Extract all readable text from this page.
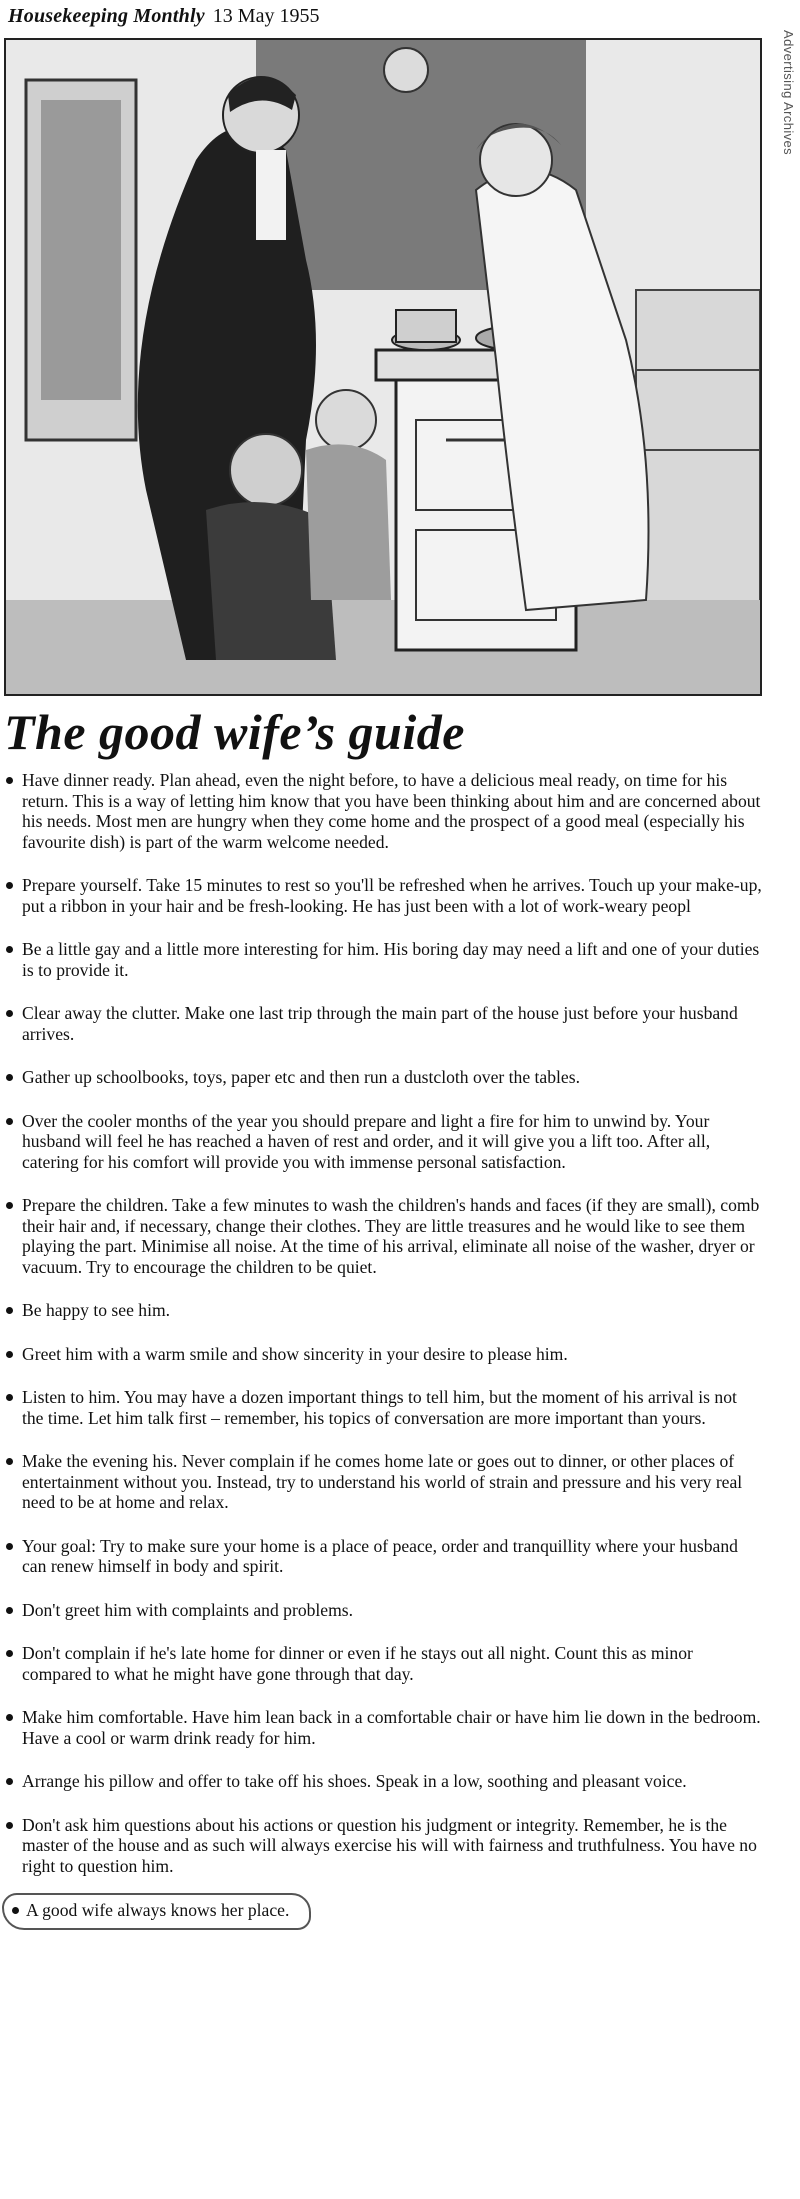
Housekeeping Monthly 13 May 1955
Advertising Archives
The good wife’s guide
Have dinner ready. Plan ahead, even the night before, to have a delicious meal ready, on time for his return. This is a way of letting him know that you have been thinking about him and are concerned about his needs. Most men are hungry when they come home and the prospect of a good meal (especially his favourite dish) is part of the warm welcome needed.
Prepare yourself. Take 15 minutes to rest so you'll be refreshed when he arrives. Touch up your make-up, put a ribbon in your hair and be fresh-looking. He has just been with a lot of work-weary peopl
Be a little gay and a little more interesting for him. His boring day may need a lift and one of your duties is to provide it.
Clear away the clutter. Make one last trip through the main part of the house just before your husband arrives.
Gather up schoolbooks, toys, paper etc and then run a dustcloth over the tables.
Over the cooler months of the year you should prepare and light a fire for him to unwind by. Your husband will feel he has reached a haven of rest and order, and it will give you a lift too. After all, catering for his comfort will provide you with immense personal satisfaction.
Prepare the children. Take a few minutes to wash the children's hands and faces (if they are small), comb their hair and, if necessary, change their clothes. They are little treasures and he would like to see them playing the part. Minimise all noise. At the time of his arrival, eliminate all noise of the washer, dryer or vacuum. Try to encourage the children to be quiet.
Be happy to see him.
Greet him with a warm smile and show sincerity in your desire to please him.
Listen to him. You may have a dozen important things to tell him, but the moment of his arrival is not the time. Let him talk first – remember, his topics of conversation are more important than yours.
Make the evening his. Never complain if he comes home late or goes out to dinner, or other places of entertainment without you. Instead, try to understand his world of strain and pressure and his very real need to be at home and relax.
Your goal: Try to make sure your home is a place of peace, order and tranquillity where your husband can renew himself in body and spirit.
Don't greet him with complaints and problems.
Don't complain if he's late home for dinner or even if he stays out all night. Count this as minor compared to what he might have gone through that day.
Make him comfortable. Have him lean back in a comfortable chair or have him lie down in the bedroom. Have a cool or warm drink ready for him.
Arrange his pillow and offer to take off his shoes. Speak in a low, soothing and pleasant voice.
Don't ask him questions about his actions or question his judgment or integrity. Remember, he is the master of the house and as such will always exercise his will with fairness and truthfulness. You have no right to question him.
A good wife always knows her place.
